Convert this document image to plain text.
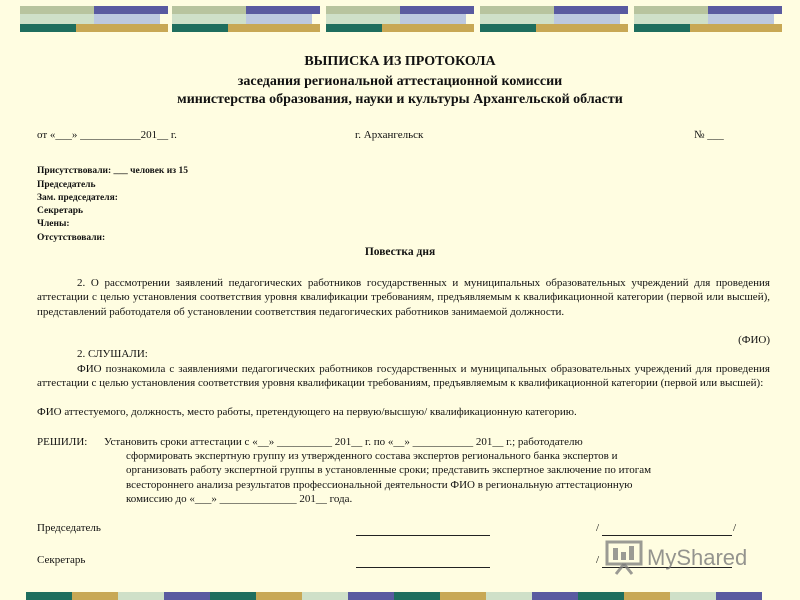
ВЫПИСКА ИЗ ПРОТОКОЛА
заседания региональной аттестационной комиссии
министерства образования, науки и культуры Архангельской области
от «___» ___________201__ г.	г. Архангельск	№ ___
Присутствовали: ___ человек из 15
Председатель
Зам. председателя:
Секретарь
Члены:
Отсутствовали:
Повестка дня
2. О рассмотрении заявлений педагогических работников государственных и муниципальных образовательных учреждений для проведения аттестации с целью установления соответствия уровня квалификации требованиям, предъявляемым к квалификационной категории (первой или высшей), представлений работодателя об установлении соответствия педагогических работников занимаемой должности.
(ФИО)
2. СЛУШАЛИ:
ФИО познакомила с заявлениями педагогических работников государственных и муниципальных образовательных учреждений для проведения аттестации с целью установления соответствия уровня квалификации требованиям, предъявляемым к квалификационной категории (первой или высшей):
ФИО аттестуемого, должность, место работы, претендующего на первую/высшую/ квалификационную категорию.
РЕШИЛИ: Установить сроки аттестации с «__» __________ 201__ г. по «__» ___________ 201__ г.; работодателю
сформировать экспертную группу из утвержденного состава экспертов регионального банка экспертов и
организовать работу экспертной группы в установленные сроки; представить экспертное заключение по итогам
всестороннего анализа результатов профессиональной деятельности ФИО в региональную аттестационную
комиссию до «___» ______________ 201__ года.
Председатель	/	/
Секретарь	/ MyShared
